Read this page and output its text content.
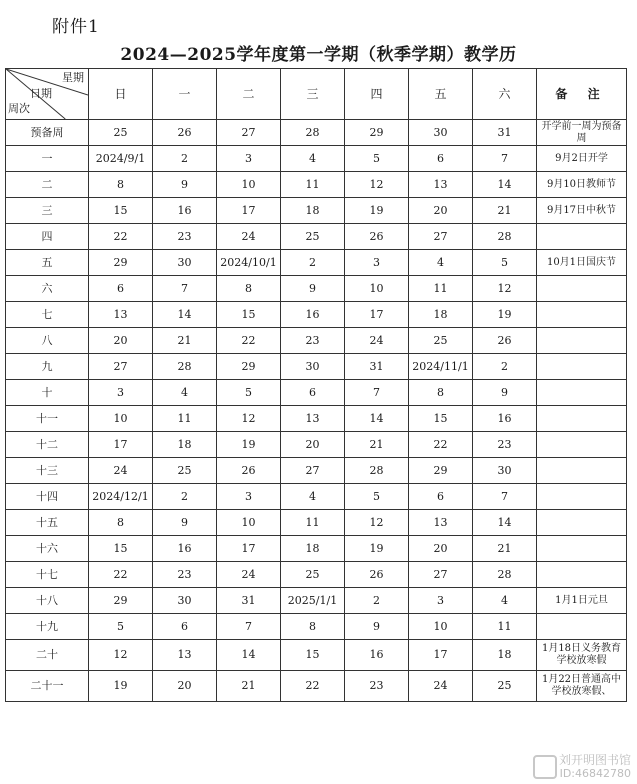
附件1
2024—2025学年度第一学期（秋季学期）教学历
星期
日期
周次	日	一	二	三	四	五	六	备 注
预备周	25	26	27	28	29	30	31	开学前一周为预备周
一	2024/9/1	2	3	4	5	6	7	9月2日开学
二	8	9	10	11	12	13	14	9月10日教师节
三	15	16	17	18	19	20	21	9月17日中秋节
四	22	23	24	25	26	27	28	
五	29	30	2024/10/1	2	3	4	5	10月1日国庆节
六	6	7	8	9	10	11	12	
七	13	14	15	16	17	18	19	
八	20	21	22	23	24	25	26	
九	27	28	29	30	31	2024/11/1	2	
十	3	4	5	6	7	8	9	
十一	10	11	12	13	14	15	16	
十二	17	18	19	20	21	22	23	
十三	24	25	26	27	28	29	30	
十四	2024/12/1	2	3	4	5	6	7	
十五	8	9	10	11	12	13	14	
十六	15	16	17	18	19	20	21	
十七	22	23	24	25	26	27	28	
十八	29	30	31	2025/1/1	2	3	4	1月1日元旦
十九	5	6	7	8	9	10	11	
二十	12	13	14	15	16	17	18	1月18日义务教育学校放寒假
二十一	19	20	21	22	23	24	25	1月22日普通高中学校放寒假、
刘开明图书馆
ID:46842780
